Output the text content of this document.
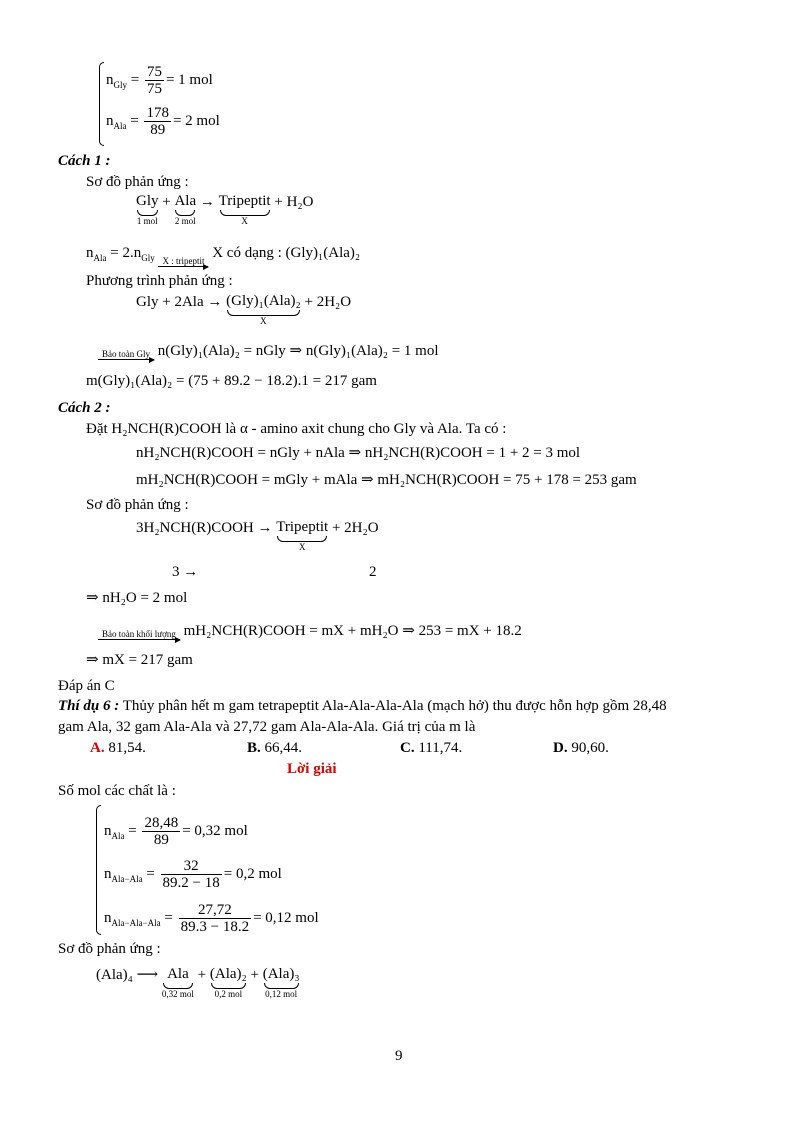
$n_{Gly} = \frac{75}{75} = 1$ mol
$n_{Ala} = \frac{178}{89} = 2$ mol
Cách 1 :
Sơ đồ phản ứng :
Gly
1 mol
+ Ala
2 mol
→ Tripeptit
X
+ H₂O
$n_{Ala} = 2.n_{Gly}$ X : tripeptit X có dạng : (Gly)₁(Ala)₂
Phương trình phản ứng :
Gly + 2Ala → (Gly)₁(Ala)₂
X
+ 2H₂O
Bảo toàn Gly n(Gly)₁(Ala)₂ = nGly ⇒ n(Gly)₁(Ala)₂ = 1 mol
m(Gly)₁(Ala)₂ = (75 + 89.2 − 18.2).1 = 217 gam
Cách 2 :
Đặt H₂NCH(R)COOH là α - amino axit chung cho Gly và Ala. Ta có :
nH₂NCH(R)COOH = nGly + nAla ⇒ nH₂NCH(R)COOH = 1 + 2 = 3 mol
mH₂NCH(R)COOH = mGly + mAla ⇒ mH₂NCH(R)COOH = 75 + 178 = 253 gam
Sơ đồ phản ứng :
3H₂NCH(R)COOH → Tripeptit
X
+ 2H₂O
3 →	2
⇒ nH₂O = 2 mol
Bảo toàn khối lượng mH₂NCH(R)COOH = mX + mH₂O ⇒ 253 = mX + 18.2
⇒ mX = 217 gam
Đáp án C
Thí dụ 6 : Thủy phân hết m gam tetrapeptit Ala-Ala-Ala-Ala (mạch hở) thu được hỗn hợp gồm 28,48
gam Ala, 32 gam Ala-Ala và 27,72 gam Ala-Ala-Ala. Giá trị của m là
A. 81,54.	B. 66,44.	C. 111,74.	D. 90,60.
Lời giải
Số mol các chất là :
$n_{Ala} = \frac{28,48}{89} = 0,32$ mol
$n_{Ala-Ala} = \frac{32}{89.2 - 18} = 0,2$ mol
$n_{Ala-Ala-Ala} = \frac{27,72}{89.3 - 18.2} = 0,12$ mol
Sơ đồ phản ứng :
(Ala)₄ ⟶ Ala
0,32 mol
+ (Ala)₂
0,2 mol
+ (Ala)₃
0,12 mol
9
